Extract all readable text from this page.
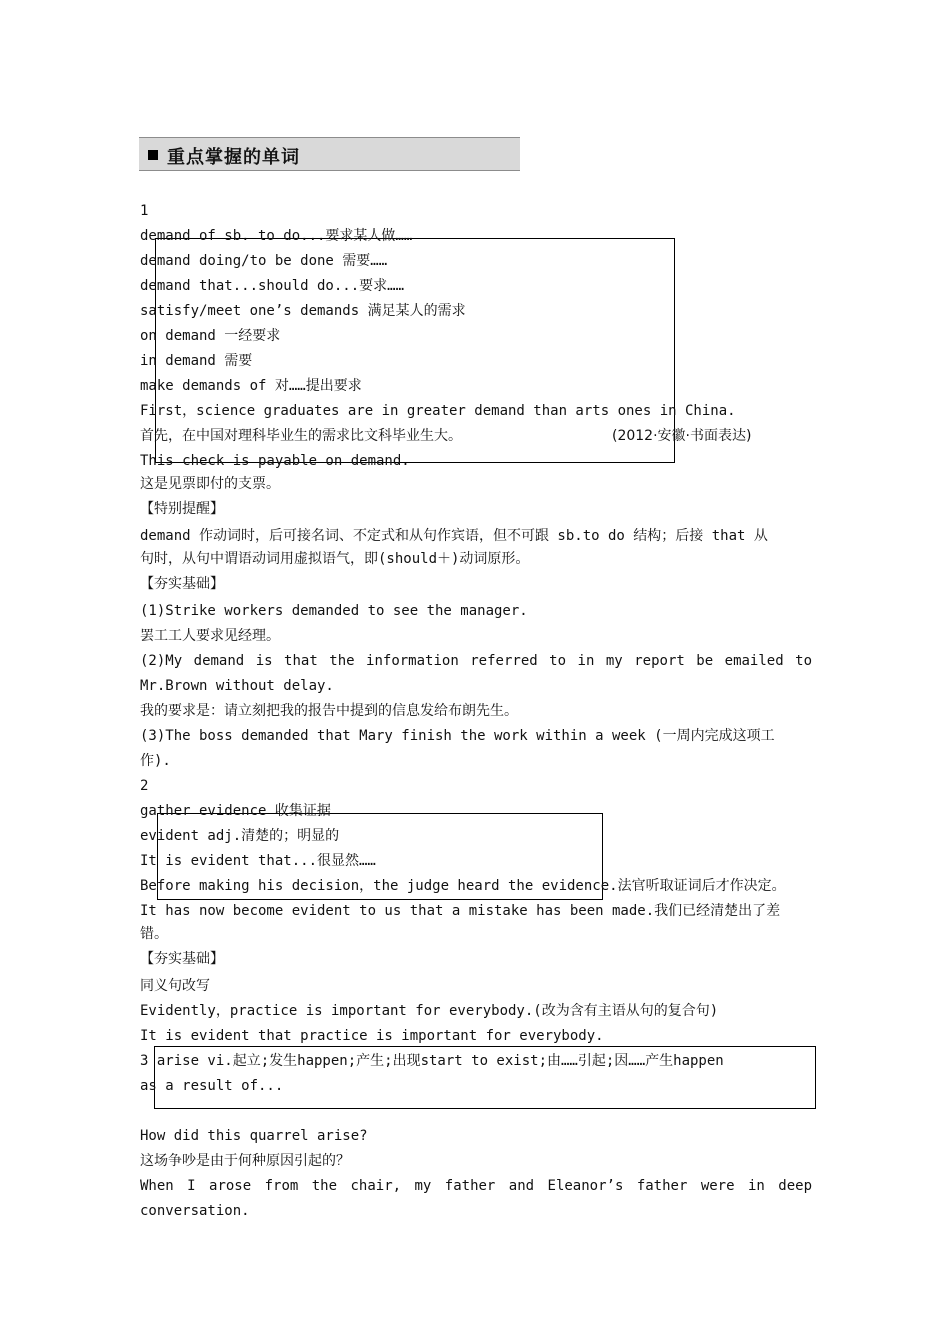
重点掌握的单词
1
demand of sb. to do...要求某人做……
demand doing/to be done 需要……
demand that...should do...要求……
satisfy/meet one’s demands 满足某人的需求
on demand 一经要求
in demand 需要
make demands of 对……提出要求
First，science graduates are in greater demand than arts ones in China.
首先，在中国对理科毕业生的需求比文科毕业生大。	(2012·安徽·书面表达)
This check is payable on demand.
这是见票即付的支票。
【特别提醒】
demand 作动词时，后可接名词、不定式和从句作宾语，但不可跟 sb.to do 结构；后接 that 从
句时，从句中谓语动词用虚拟语气，即(should＋)动词原形。
【夯实基础】
(1)Strike workers demanded to see the manager.
罢工工人要求见经理。
(2)My demand is that the information referred to in my report be emailed to
Mr.Brown without delay.
我的要求是：请立刻把我的报告中提到的信息发给布朗先生。
(3)The boss demanded that Mary finish the work within a week (一周内完成这项工
作).
2
gather evidence 收集证据
evident adj.清楚的；明显的
It is evident that...很显然……
Before making his decision，the judge heard the evidence.法官听取证词后才作决定。
It has now become evident to us that a mistake has been made.我们已经清楚出了差
错。
【夯实基础】
同义句改写
Evidently，practice is important for everybody.(改为含有主语从句的复合句)
It is evident that practice is important for everybody.
3 arise vi.起立;发生happen;产生;出现start to exist;由……引起;因……产生happen
as a result of...
How did this quarrel arise?
这场争吵是由于何种原因引起的？
When I arose from the chair, my father and Eleanor’s father were in deep
conversation.
